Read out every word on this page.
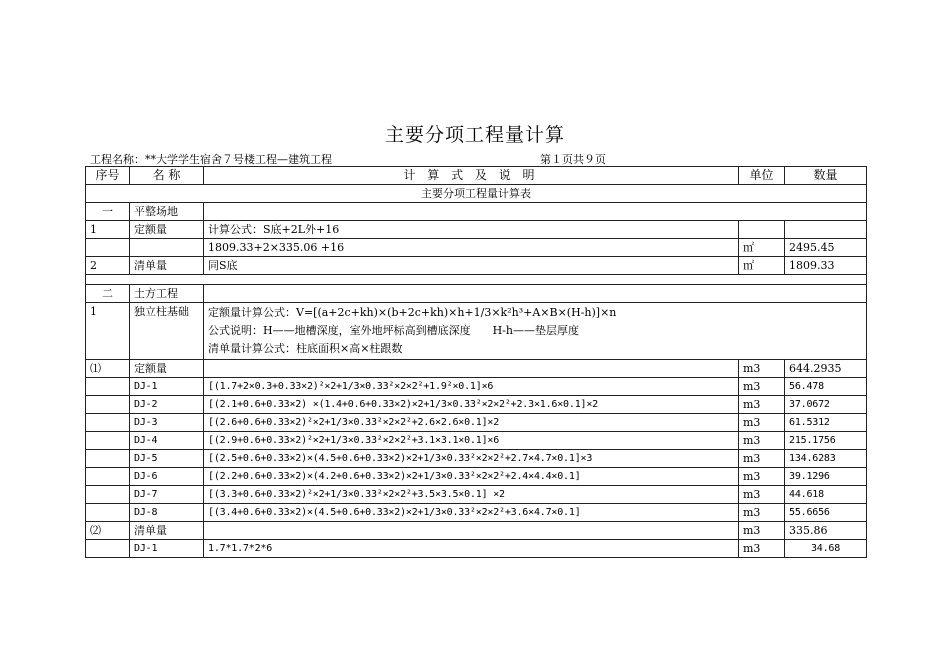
主要分项工程量计算
工程名称：**大学学生宿舍７号楼工程—建筑工程	第１页共９页
序号	名 称	计 算 式 及 说 明	单位	数量
主要分项工程量计算表				
一	平整场地			
1	定额量	计算公式：S底+2L外+16		
		1809.33+2×335.06 +16	㎡	2495.45
2	清单量	同S底	㎡	1809.33

二	土方工程			
1	独立柱基础	定额量计算公式：V=[(a+2c+kh)×(b+2c+kh)×h+1/3×k²h³+A×B×(H-h)]×n
公式说明：H——地槽深度，室外地坪标高到槽底深度　　H-h——垫层厚度
清单量计算公式：柱底面积×高×柱跟数		

⑴	定额量		m3	644.2935
	DJ-1	[(1.7+2×0.3+0.33×2)²×2+1/3×0.33²×2×2²+1.9²×0.1]×6	m3	56.478
	DJ-2	[(2.1+0.6+0.33×2) ×(1.4+0.6+0.33×2)×2+1/3×0.33²×2×2²+2.3×1.6×0.1]×2	m3	37.0672
	DJ-3	[(2.6+0.6+0.33×2)²×2+1/3×0.33²×2×2²+2.6×2.6×0.1]×2	m3	61.5312
	DJ-4	[(2.9+0.6+0.33×2)²×2+1/3×0.33²×2×2²+3.1×3.1×0.1]×6	m3	215.1756
	DJ-5	[(2.5+0.6+0.33×2)×(4.5+0.6+0.33×2)×2+1/3×0.33²×2×2²+2.7×4.7×0.1]×3	m3	134.6283
	DJ-6	[(2.2+0.6+0.33×2)×(4.2+0.6+0.33×2)×2+1/3×0.33²×2×2²+2.4×4.4×0.1]	m3	39.1296
	DJ-7	[(3.3+0.6+0.33×2)²×2+1/3×0.33²×2×2²+3.5×3.5×0.1] ×2	m3	44.618
	DJ-8	[(3.4+0.6+0.33×2)×(4.5+0.6+0.33×2)×2+1/3×0.33²×2×2²+3.6×4.7×0.1]	m3	55.6656
⑵	清单量		m3	335.86
	DJ-1	1.7*1.7*2*6	m3	34.68
